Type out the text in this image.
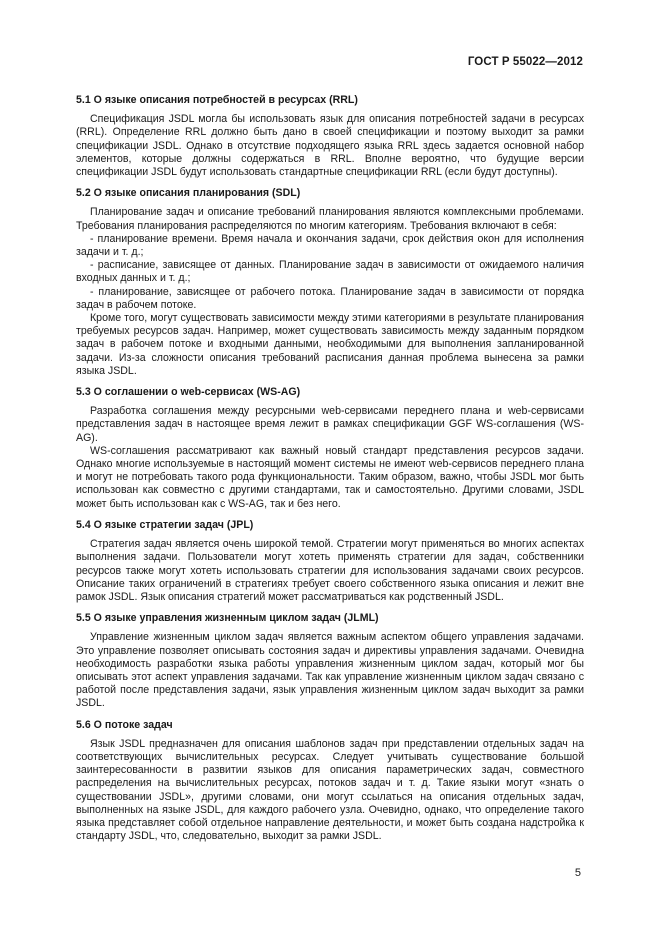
ГОСТ Р 55022—2012
5.1 О языке описания потребностей в ресурсах (RRL)

Спецификация JSDL могла бы использовать язык для описания потребностей задачи в ресурсах (RRL). Определение RRL должно быть дано в своей спецификации и поэтому выходит за рамки спецификации JSDL. Однако в отсутствие подходящего языка RRL здесь задается основной набор элементов, которые должны содержаться в RRL. Вполне вероятно, что будущие версии спецификации JSDL будут использовать стандартные спецификации RRL (если будут доступны).

5.2 О языке описания планирования (SDL)

Планирование задач и описание требований планирования являются комплексными проблемами. Требования планирования распределяются по многим категориям. Требования включают в себя:

- планирование времени. Время начала и окончания задачи, срок действия окон для исполнения задачи и т. д.;

- расписание, зависящее от данных. Планирование задач в зависимости от ожидаемого наличия входных данных и т. д.;

- планирование, зависящее от рабочего потока. Планирование задач в зависимости от порядка задач в рабочем потоке.

Кроме того, могут существовать зависимости между этими категориями в результате планирования требуемых ресурсов задач. Например, может существовать зависимость между заданным порядком задач в рабочем потоке и входными данными, необходимыми для выполнения запланированной задачи. Из-за сложности описания требований расписания данная проблема вынесена за рамки языка JSDL.

5.3 О соглашении о web-сервисах (WS-AG)

Разработка соглашения между ресурсными web-сервисами переднего плана и web-сервисами представления задач в настоящее время лежит в рамках спецификации GGF WS-соглашения (WS-AG).

WS-соглашения рассматривают как важный новый стандарт представления ресурсов задачи. Однако многие используемые в настоящий момент системы не имеют web-сервисов переднего плана и могут не потребовать такого рода функциональности. Таким образом, важно, чтобы JSDL мог быть использован как совместно с другими стандартами, так и самостоятельно. Другими словами, JSDL может быть использован как с WS-AG, так и без него.

5.4 О языке стратегии задач (JPL)

Стратегия задач является очень широкой темой. Стратегии могут применяться во многих аспектах выполнения задачи. Пользователи могут хотеть применять стратегии для задач, собственники ресурсов также могут хотеть использовать стратегии для использования задачами своих ресурсов. Описание таких ограничений в стратегиях требует своего собственного языка описания и лежит вне рамок JSDL. Язык описания стратегий может рассматриваться как родственный JSDL.

5.5 О языке управления жизненным циклом задач (JLML)

Управление жизненным циклом задач является важным аспектом общего управления задачами. Это управление позволяет описывать состояния задач и директивы управления задачами. Очевидна необходимость разработки языка работы управления жизненным циклом задач, который мог бы описывать этот аспект управления задачами. Так как управление жизненным циклом задач связано с работой после представления задачи, язык управления жизненным циклом задач выходит за рамки JSDL.

5.6 О потоке задач

Язык JSDL предназначен для описания шаблонов задач при представлении отдельных задач на соответствующих вычислительных ресурсах. Следует учитывать существование большой заинтересованности в развитии языков для описания параметрических задач, совместного распределения на вычислительных ресурсах, потоков задач и т. д. Такие языки могут «знать о существовании JSDL», другими словами, они могут ссылаться на описания отдельных задач, выполненных на языке JSDL, для каждого рабочего узла. Очевидно, однако, что определение такого языка представляет собой отдельное направление деятельности, и может быть создана надстройка к стандарту JSDL, что, следовательно, выходит за рамки JSDL.

5
